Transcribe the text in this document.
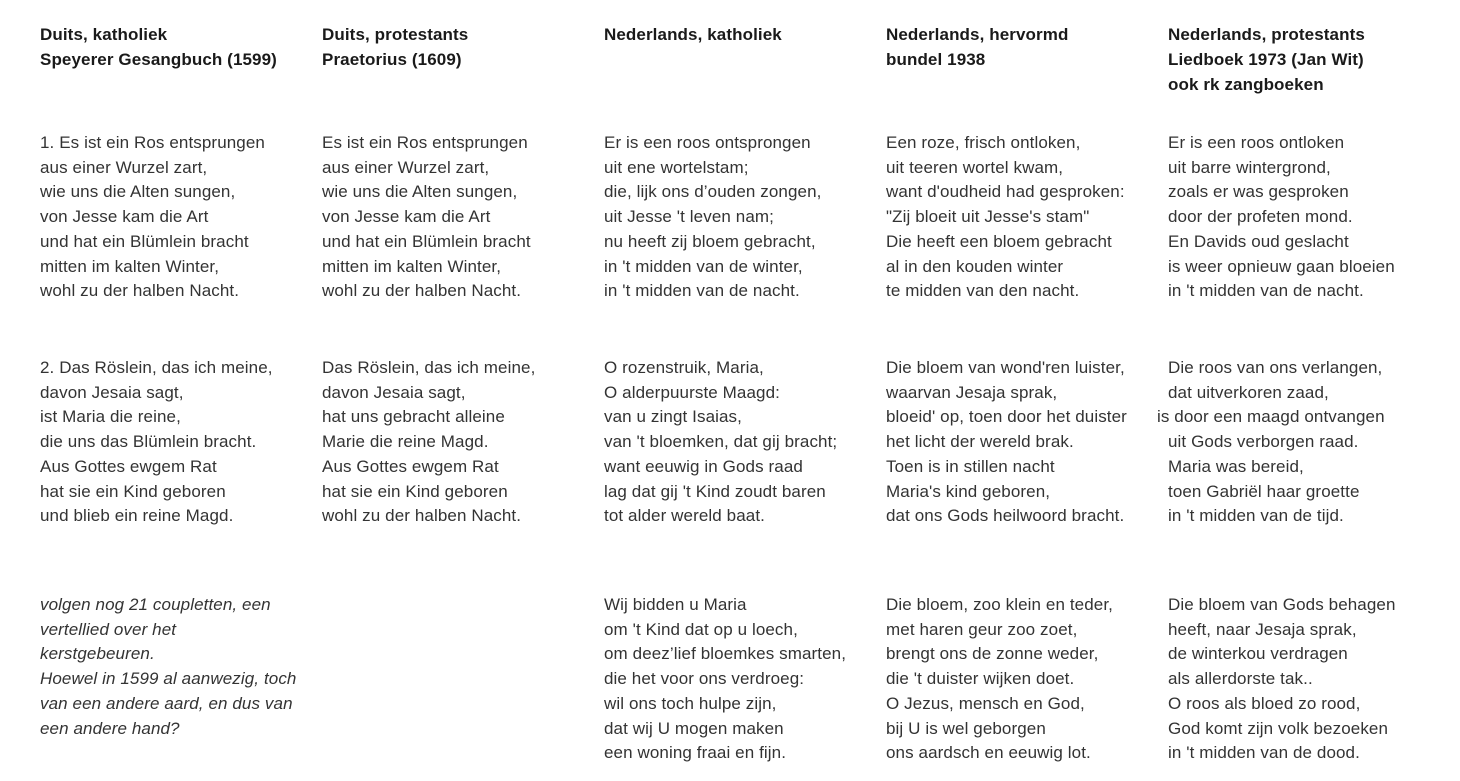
Duits, katholiek
Speyerer Gesangbuch (1599)
Duits, protestants
Praetorius (1609)
Nederlands, katholiek	Nederlands, hervormd
bundel 1938
Nederlands, protestants
Liedboek 1973 (Jan Wit)
ook rk zangboeken
1. Es ist ein Ros entsprungen
aus einer Wurzel zart,
wie uns die Alten sungen,
von Jesse kam die Art
und hat ein Blümlein bracht
mitten im kalten Winter,
wohl zu der halben Nacht.
Es ist ein Ros entsprungen
aus einer Wurzel zart,
wie uns die Alten sungen,
von Jesse kam die Art
und hat ein Blümlein bracht
mitten im kalten Winter,
wohl zu der halben Nacht.
Er is een roos ontsprongen
uit ene wortelstam;
die, lijk ons d’ouden zongen,
uit Jesse 't leven nam;
nu heeft zij bloem gebracht,
in 't midden van de winter,
in 't midden van de nacht.
Een roze, frisch ontloken,
uit teeren wortel kwam,
want d'oudheid had gesproken:
"Zij bloeit uit Jesse's stam"
Die heeft een bloem gebracht
al in den kouden winter
te midden van den nacht.
Er is een roos ontloken
uit barre wintergrond,
zoals er was gesproken
door der profeten mond.
En Davids oud geslacht
is weer opnieuw gaan bloeien
in 't midden van de nacht.
2. Das Röslein, das ich meine,
davon Jesaia sagt,
ist Maria die reine,
die uns das Blümlein bracht.
Aus Gottes ewgem Rat
hat sie ein Kind geboren
und blieb ein reine Magd.
Das Röslein, das ich meine,
davon Jesaia sagt,
hat uns gebracht alleine
Marie die reine Magd.
Aus Gottes ewgem Rat
hat sie ein Kind geboren
wohl zu der halben Nacht.
O rozenstruik, Maria,
O alderpuurste Maagd:
van u zingt Isaias,
van 't bloemken, dat gij bracht;
want eeuwig in Gods raad
lag dat gij 't Kind zoudt baren
tot alder wereld baat.
Die bloem van wond'ren luister,
waarvan Jesaja sprak,
bloeid' op, toen door het duister
het licht der wereld brak.
Toen is in stillen nacht
Maria's kind geboren,
dat ons Gods heilwoord bracht.
Die roos van ons verlangen,
dat uitverkoren zaad,
is door een maagd ontvangen
uit Gods verborgen raad.
Maria was bereid,
toen Gabriël haar groette
in 't midden van de tijd.
volgen nog 21 coupletten, een
vertellied over het
kerstgebeuren.
Hoewel in 1599 al aanwezig, toch
van een andere aard, en dus van
een andere hand?
Wij bidden u Maria
om 't Kind dat op u loech,
om deez’lief bloemkes smarten,
die het voor ons verdroeg:
wil ons toch hulpe zijn,
dat wij U mogen maken
een woning fraai en fijn.
Die bloem, zoo klein en teder,
met haren geur zoo zoet,
brengt ons de zonne weder,
die 't duister wijken doet.
O Jezus, mensch en God,
bij U is wel geborgen
ons aardsch en eeuwig lot.
Die bloem van Gods behagen
heeft, naar Jesaja sprak,
de winterkou verdragen
als allerdorste tak..
O roos als bloed zo rood,
God komt zijn volk bezoeken
in 't midden van de dood.
